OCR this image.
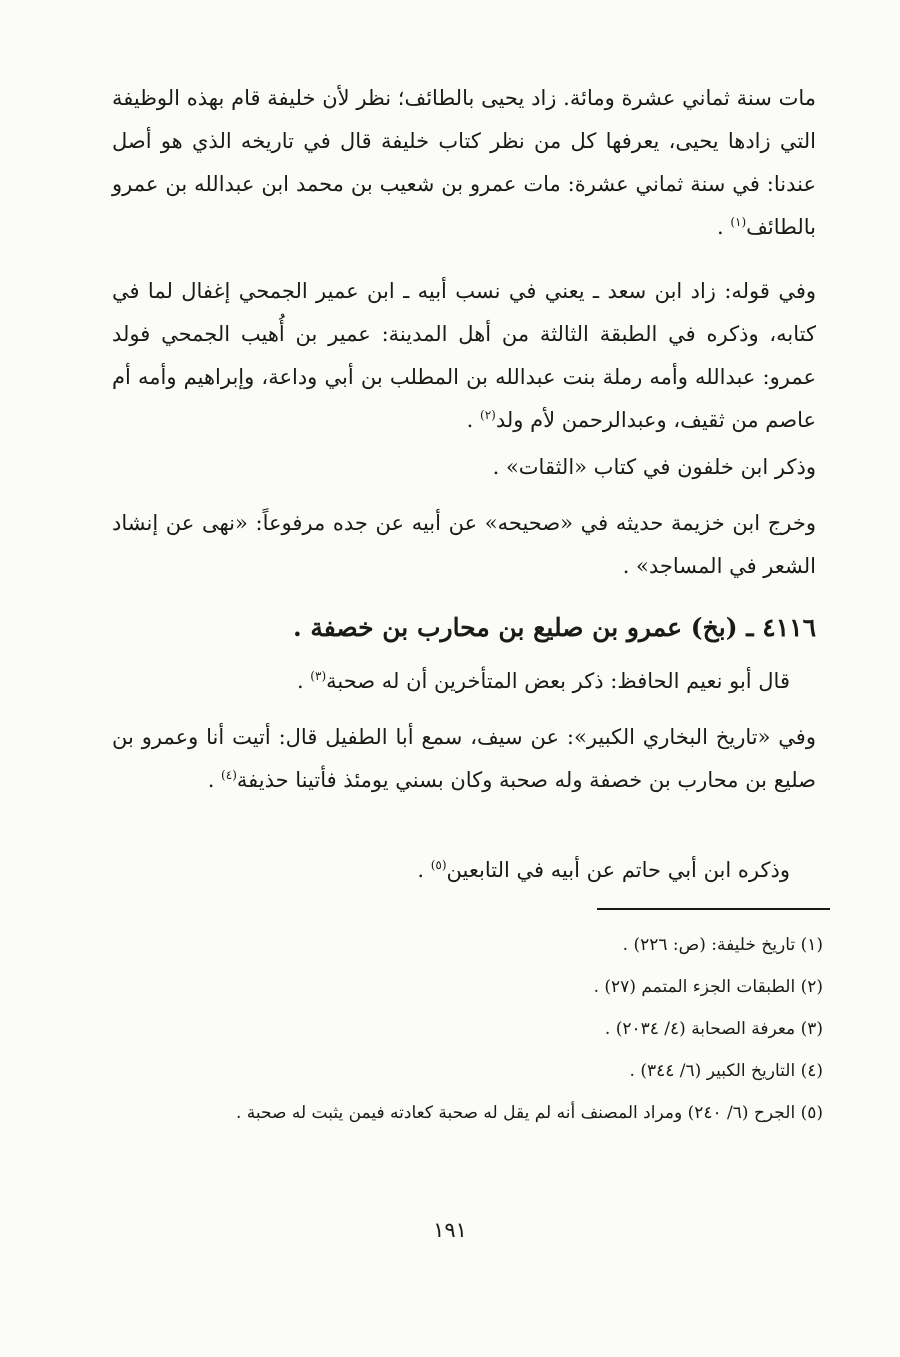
مات سنة ثماني عشرة ومائة. زاد يحيى بالطائف؛ نظر لأن خليفة قام بهذه الوظيفة التي زادها يحيى، يعرفها كل من نظر كتاب خليفة قال في تاريخه الذي هو أصل عندنا: في سنة ثماني عشرة: مات عمرو بن شعيب بن محمد ابن عبدالله بن عمرو بالطائف$^{(١)}$ .
وفي قوله: زاد ابن سعد ـ يعني في نسب أبيه ـ ابن عمير الجمحي إغفال لما في كتابه، وذكره في الطبقة الثالثة من أهل المدينة: عمير بن أُهيب الجمحي فولد عمرو: عبدالله وأمه رملة بنت عبدالله بن المطلب بن أبي وداعة، وإبراهيم وأمه أم عاصم من ثقيف، وعبدالرحمن لأم ولد$^{(٢)}$ .
وذكر ابن خلفون في كتاب «الثقات» .
وخرج ابن خزيمة حديثه في «صحيحه» عن أبيه عن جده مرفوعاً: «نهى عن إنشاد الشعر في المساجد» .
٤١١٦ ـ (بخ) عمرو بن صليع بن محارب بن خصفة .
قال أبو نعيم الحافظ: ذكر بعض المتأخرين أن له صحبة$^{(٣)}$ .
وفي «تاريخ البخاري الكبير»: عن سيف، سمع أبا الطفيل قال: أتيت أنا وعمرو بن صليع بن محارب بن خصفة وله صحبة وكان بسني يومئذ فأتينا حذيفة$^{(٤)}$ .
وذكره ابن أبي حاتم عن أبيه في التابعين$^{(٥)}$ .
(١) تاريخ خليفة: (ص: ٢٢٦) .
(٢) الطبقات الجزء المتمم (٢٧) .
(٣) معرفة الصحابة (٤/ ٢٠٣٤) .
(٤) التاريخ الكبير (٦/ ٣٤٤) .
(٥) الجرح (٦/ ٢٤٠) ومراد المصنف أنه لم يقل له صحبة كعادته فيمن يثبت له صحبة .
١٩١
